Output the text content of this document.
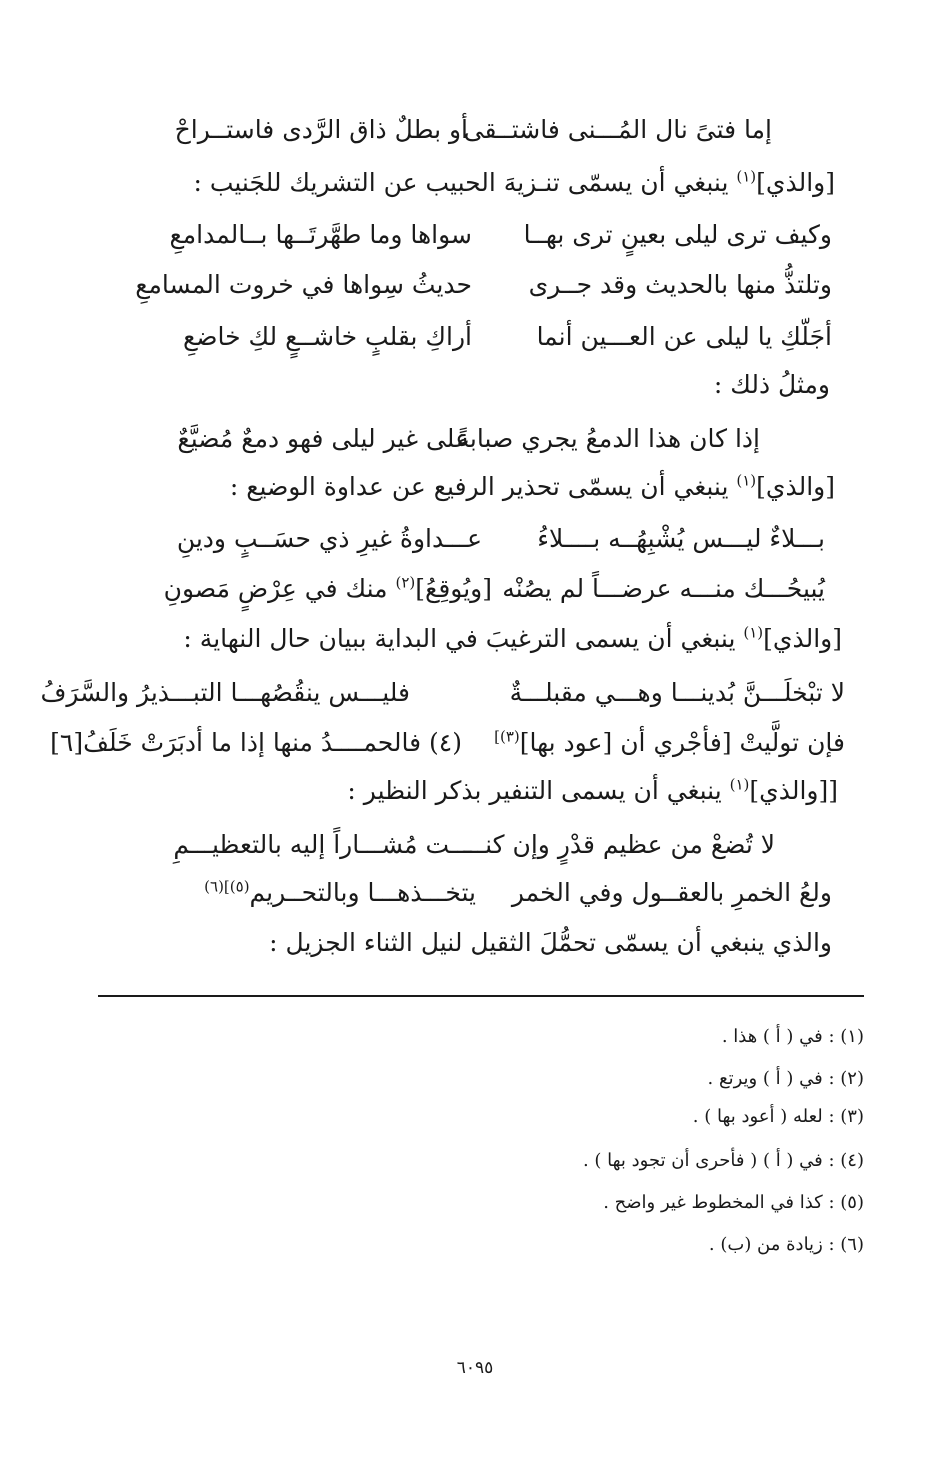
إما فتىً نال المُـــنى فاشتــقى
أو بطلٌ ذاق الرَّدى فاستــراحْ
[والذي]$^{(١)}$ ينبغي أن يسمّى تنـزيهَ الحبيب عن التشريك للجَنيب :
وكيف ترى ليلى بعينٍ ترى بهــا
سواها وما طهَّرتَــها بــالمدامعِ
وتلتذُّ منها بالحديث وقد جــرى
حديثُ سِواها في خروت المسامعِ
أجَلّكِ يا ليلى عن العـــين أنما
أراكِ بقلبٍ خاشــعٍ لكِ خاضعِ
ومثلُ ذلك :
إذا كان هذا الدمعُ يجري صبابةً
على غير ليلى فهو دمعٌ مُضيَّعٌ
[والذي]$^{(١)}$ ينبغي أن يسمّى تحذير الرفيع عن عداوة الوضيع :
بـــلاءٌ ليـــس يُشْبِهُــه بــــلاءُ
عـــداوةُ غيرِ ذي حسَــبٍ ودينِ
يُبيحُـــك منـــه عرضـــاً لم يصُنْه
[ويُوقِعُ]$^{(٢)}$ منك في عِرْضٍ مَصونِ
[والذي]$^{(١)}$ ينبغي أن يسمى الترغيبَ في البداية ببيان حال النهاية :
لا تبْخلَـــنَّ بُدينـــا وهـــي مقبلـــةٌ
فليـــس ينقُصُهـــا التبـــذيرُ والسَّرَفُ
فإن تولَّيتْ [فأجْري أن [عود بها]$^{(٣)]}$
(٤) فالحمــــدُ منها إذا ما أدبَرَتْ خَلَفُ[٦]
[[والذي]$^{(١)}$ ينبغي أن يسمى التنفير بذكر النظير :
لا تُضعْ من عظيم قدْرٍ وإن كنـــ
ـــت مُشـــاراً إليه بالتعظيـــمِ
ولعُ الخمرِ بالعقــول وفي الخمر
يتخـــذهـــا وبالتحــريم$^{(٥)](٦)}$
والذي ينبغي أن يسمّى تحمُّلَ الثقيل لنيل الثناء الجزيل :
(١) : في ( أ ) هذا .
(٢) : في ( أ ) ويرتع .
(٣) : لعله ( أعود بها ) .
(٤) : في ( أ ) ( فأحرى أن تجود بها ) .
(٥) : كذا في المخطوط غير واضح .
(٦) : زيادة من (ب) .
٦٠٩٥
